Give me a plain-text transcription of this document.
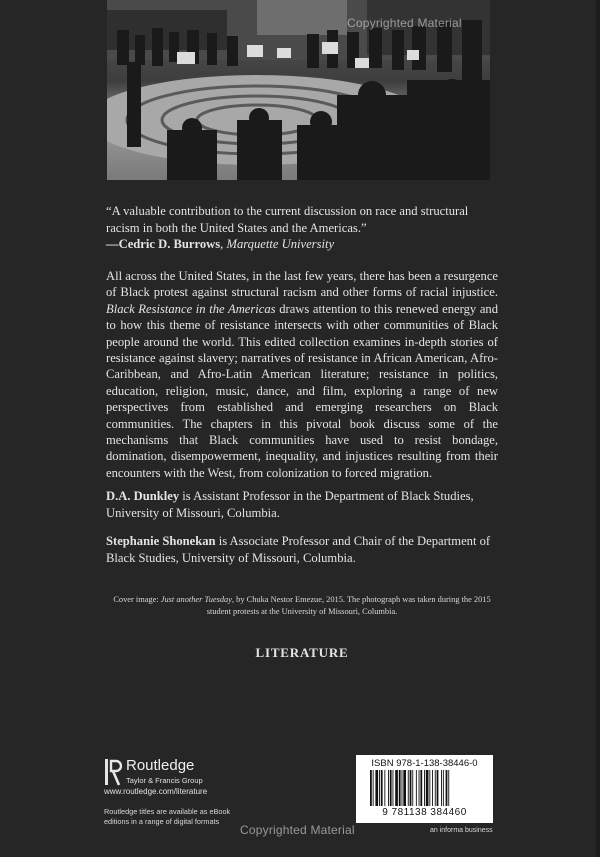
Copyrighted Material
“A valuable contribution to the current discussion on race and structural racism in both the United States and the Americas.”
—Cedric D. Burrows, Marquette University

All across the United States, in the last few years, there has been a resurgence of Black protest against structural racism and other forms of racial injustice. Black Resistance in the Americas draws attention to this renewed energy and to how this theme of resistance intersects with other communities of Black people around the world. This edited collection examines in-depth stories of resistance against slavery; narratives of resistance in African American, Afro-Caribbean, and Afro-Latin American literature; resistance in politics, education, religion, music, dance, and film, exploring a range of new perspectives from established and emerging researchers on Black communities. The chapters in this pivotal book discuss some of the mechanisms that Black communities have used to resist bondage, domination, disempowerment, inequality, and injustices resulting from their encounters with the West, from colonization to forced migration.

D.A. Dunkley is Assistant Professor in the Department of Black Studies, University of Missouri, Columbia.
Stephanie Shonekan is Associate Professor and Chair of the Department of Black Studies, University of Missouri, Columbia.
Cover image: Just another Tuesday, by Chuka Nestor Emezue, 2015. The photograph was taken during the 2015 student protests at the University of Missouri, Columbia.
LITERATURE
Routledge
Taylor & Francis Group
www.routledge.com/literature
Routledge titles are available as eBook editions in a range of digital formats
ISBN 978-1-138-38446-0
9 781138 384460
an informa business
Copyrighted Material
